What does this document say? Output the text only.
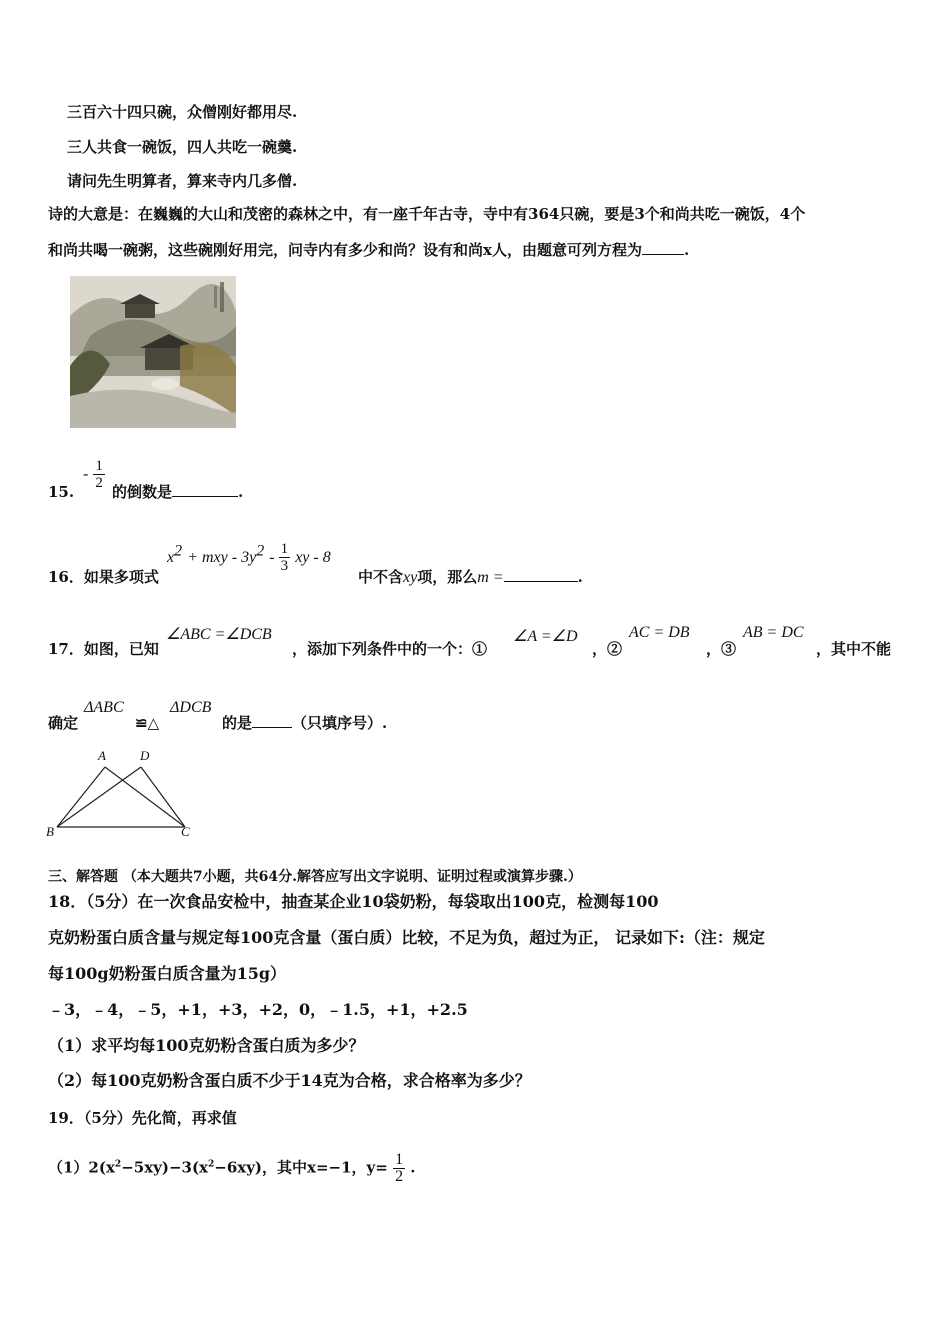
三百六十四只碗，众僧刚好都用尽.
三人共食一碗饭，四人共吃一碗羹.
请问先生明算者，算来寺内几多僧.
诗的大意是：在巍巍的大山和茂密的森林之中，有一座千年古寺，寺中有364只碗，要是3个和尚共吃一碗饭，4个
和尚共喝一碗粥，这些碗刚好用完，问寺内有多少和尚？设有和尚x人，由题意可列方程为	.
15.
- $\frac{1}{2}$
的倒数是	.
16．如果多项式
$x^2$ + mxy - $3y^2 - \frac{1}{3}$ xy - 8
中不含xy项，那么m =	.
17．如图，已知
∠ABC =∠DCB
，添加下列条件中的一个：①
∠A =∠D
，②
AC = DB
，③
AB = DC
，其中不能
确定
ΔABC
≌△
ΔDCB
的是	（只填序号）.
A	D
B	C
三、解答题 （本大题共7小题，共64分.解答应写出文字说明、证明过程或演算步骤.）
18．（5分）在一次食品安检中，抽查某企业10袋奶粉，每袋取出100克，检测每100
克奶粉蛋白质含量与规定每100克含量（蛋白质）比较，不足为负，超过为正， 记录如下:（注：规定
每100g奶粉蛋白质含量为15g）
﹣3，﹣4，﹣5，+1，+3，+2，0，﹣1.5，+1，+2.5
（1）求平均每100克奶粉含蛋白质为多少？
（2）每100克奶粉含蛋白质不少于14克为合格，求合格率为多少？
19．（5分）先化简，再求值
$(1)2(x^2-5xy)-3(x^2-6xy)$，其中x=−1，$y= \frac{1}{2}$ .
